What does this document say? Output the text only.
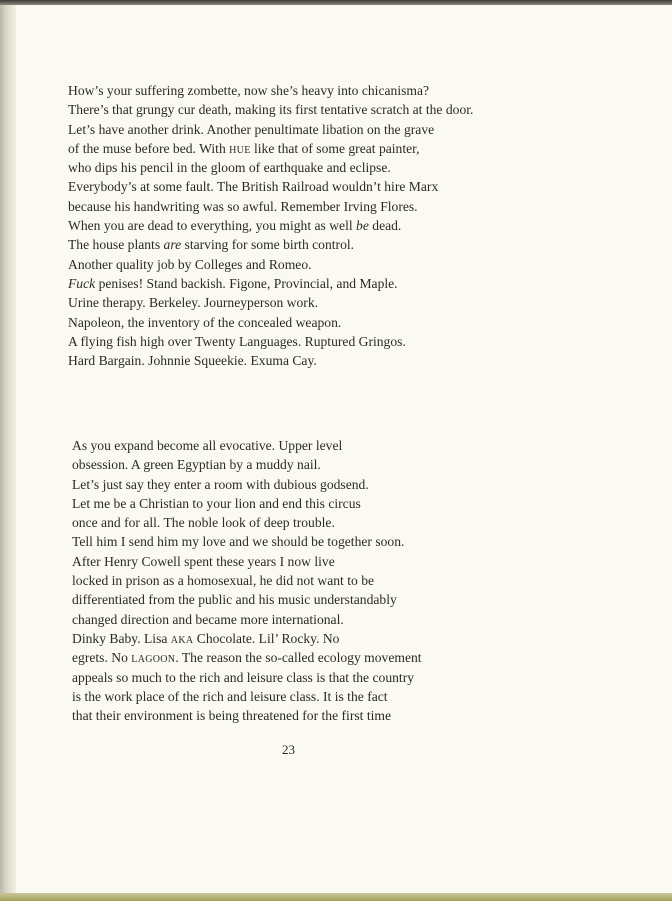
How’s your suffering zombette, now she’s heavy into chicanisma?
There’s that grungy cur death, making its first tentative scratch at the door.
Let’s have another drink. Another penultimate libation on the grave
of the muse before bed. With hue like that of some great painter,
who dips his pencil in the gloom of earthquake and eclipse.
Everybody’s at some fault. The British Railroad wouldn’t hire Marx
because his handwriting was so awful. Remember Irving Flores.
When you are dead to everything, you might as well be dead.
The house plants are starving for some birth control.
Another quality job by Colleges and Romeo.
Fuck penises! Stand backish. Figone, Provincial, and Maple.
Urine therapy. Berkeley. Journeyperson work.
Napoleon, the inventory of the concealed weapon.
A flying fish high over Twenty Languages. Ruptured Gringos.
Hard Bargain. Johnnie Squeekie. Exuma Cay.
As you expand become all evocative. Upper level
obsession. A green Egyptian by a muddy nail.
Let’s just say they enter a room with dubious godsend.
Let me be a Christian to your lion and end this circus
once and for all. The noble look of deep trouble.
Tell him I send him my love and we should be together soon.
After Henry Cowell spent these years I now live
locked in prison as a homosexual, he did not want to be
differentiated from the public and his music understandably
changed direction and became more international.
Dinky Baby. Lisa aka Chocolate. Lil’ Rocky. No
egrets. No lagoon. The reason the so-called ecology movement
appeals so much to the rich and leisure class is that the country
is the work place of the rich and leisure class. It is the fact
that their environment is being threatened for the first time
23
